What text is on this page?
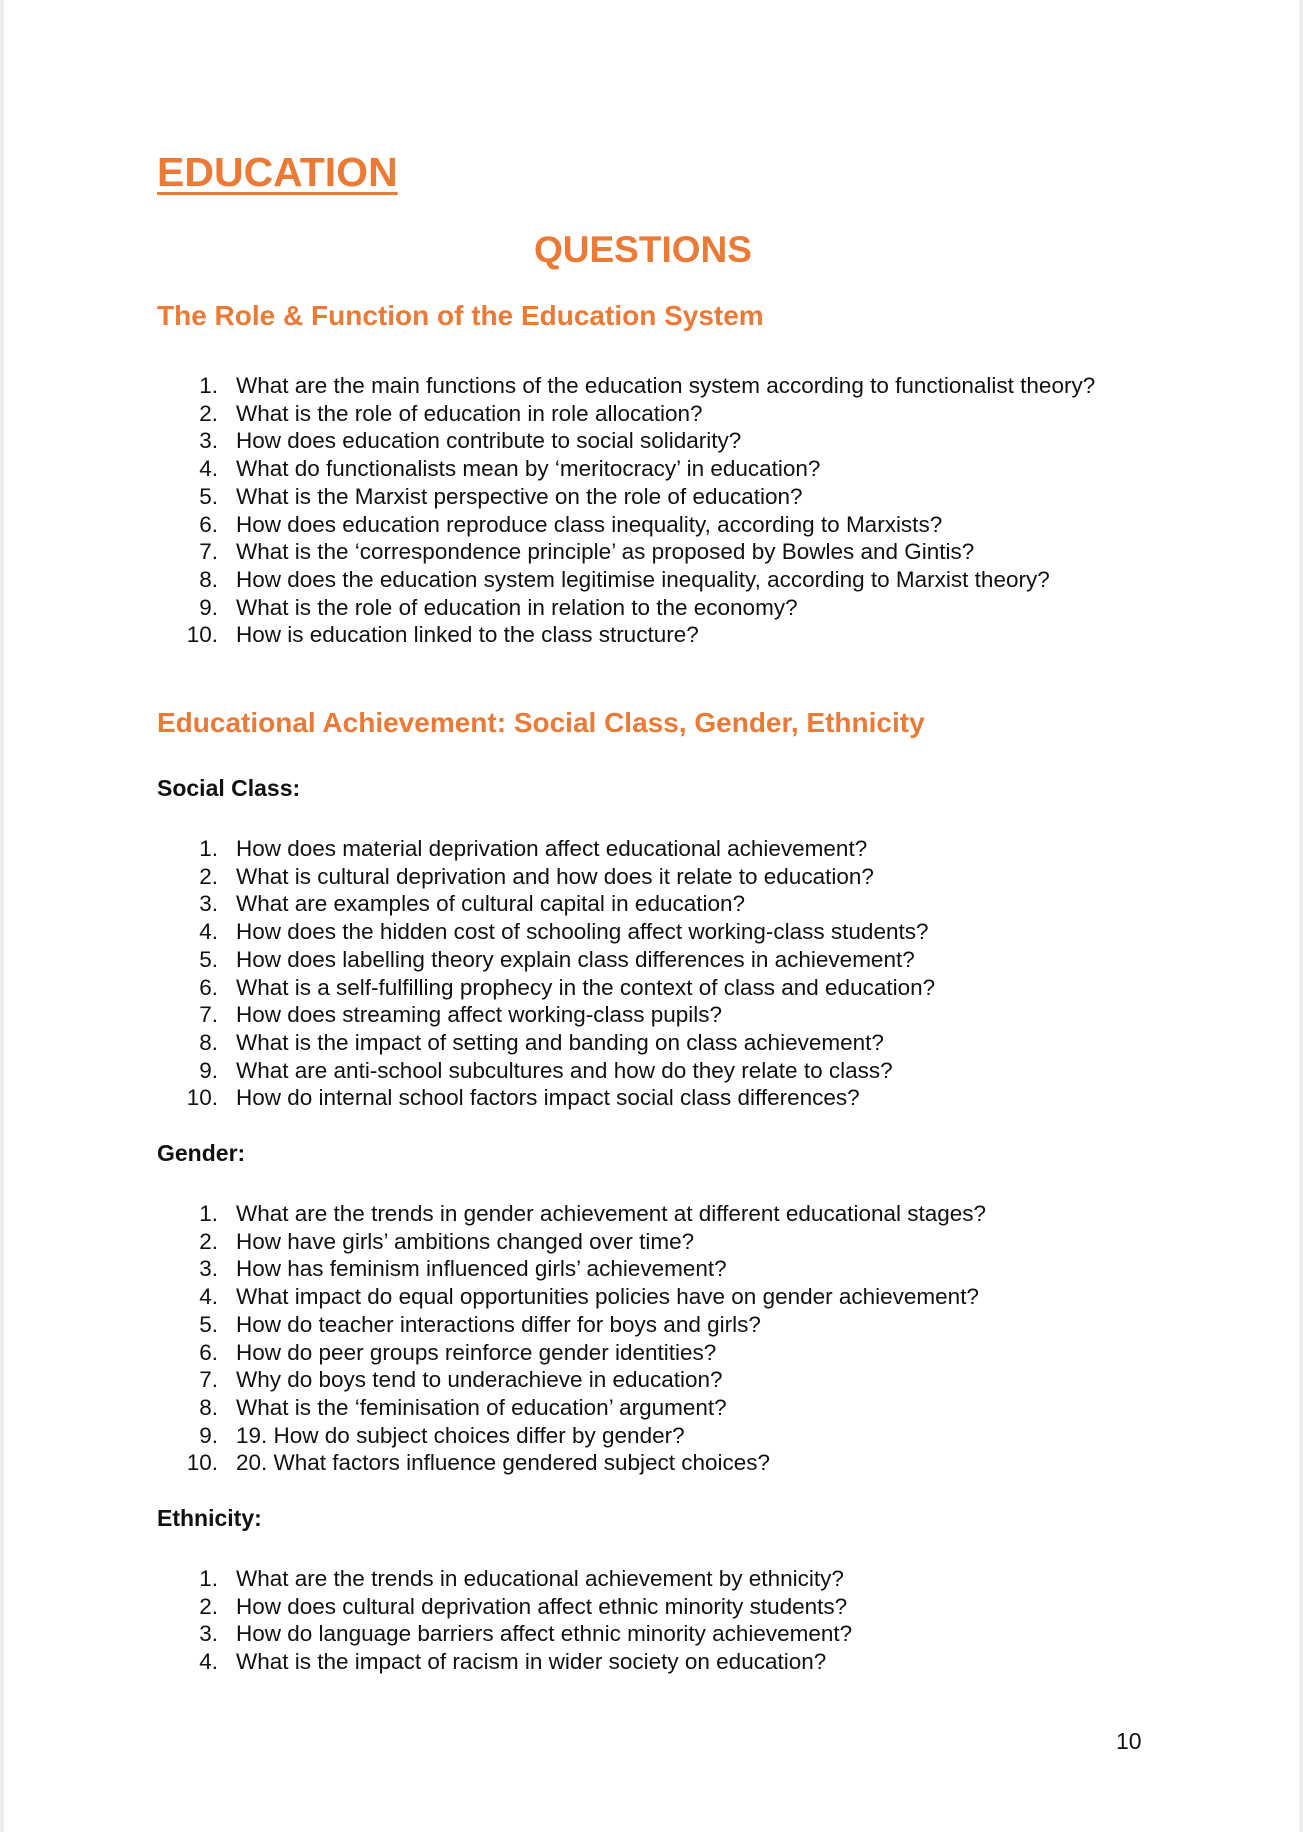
EDUCATION
QUESTIONS
The Role & Function of the Education System
1. What are the main functions of the education system according to functionalist theory?
2. What is the role of education in role allocation?
3. How does education contribute to social solidarity?
4. What do functionalists mean by ‘meritocracy’ in education?
5. What is the Marxist perspective on the role of education?
6. How does education reproduce class inequality, according to Marxists?
7. What is the ‘correspondence principle’ as proposed by Bowles and Gintis?
8. How does the education system legitimise inequality, according to Marxist theory?
9. What is the role of education in relation to the economy?
10. How is education linked to the class structure?
Educational Achievement: Social Class, Gender, Ethnicity
Social Class:
1. How does material deprivation affect educational achievement?
2. What is cultural deprivation and how does it relate to education?
3. What are examples of cultural capital in education?
4. How does the hidden cost of schooling affect working-class students?
5. How does labelling theory explain class differences in achievement?
6. What is a self-fulfilling prophecy in the context of class and education?
7. How does streaming affect working-class pupils?
8. What is the impact of setting and banding on class achievement?
9. What are anti-school subcultures and how do they relate to class?
10. How do internal school factors impact social class differences?
Gender:
1. What are the trends in gender achievement at different educational stages?
2. How have girls’ ambitions changed over time?
3. How has feminism influenced girls’ achievement?
4. What impact do equal opportunities policies have on gender achievement?
5. How do teacher interactions differ for boys and girls?
6. How do peer groups reinforce gender identities?
7. Why do boys tend to underachieve in education?
8. What is the ‘feminisation of education’ argument?
9. 19. How do subject choices differ by gender?
10. 20. What factors influence gendered subject choices?
Ethnicity:
1. What are the trends in educational achievement by ethnicity?
2. How does cultural deprivation affect ethnic minority students?
3. How do language barriers affect ethnic minority achievement?
4. What is the impact of racism in wider society on education?
10
